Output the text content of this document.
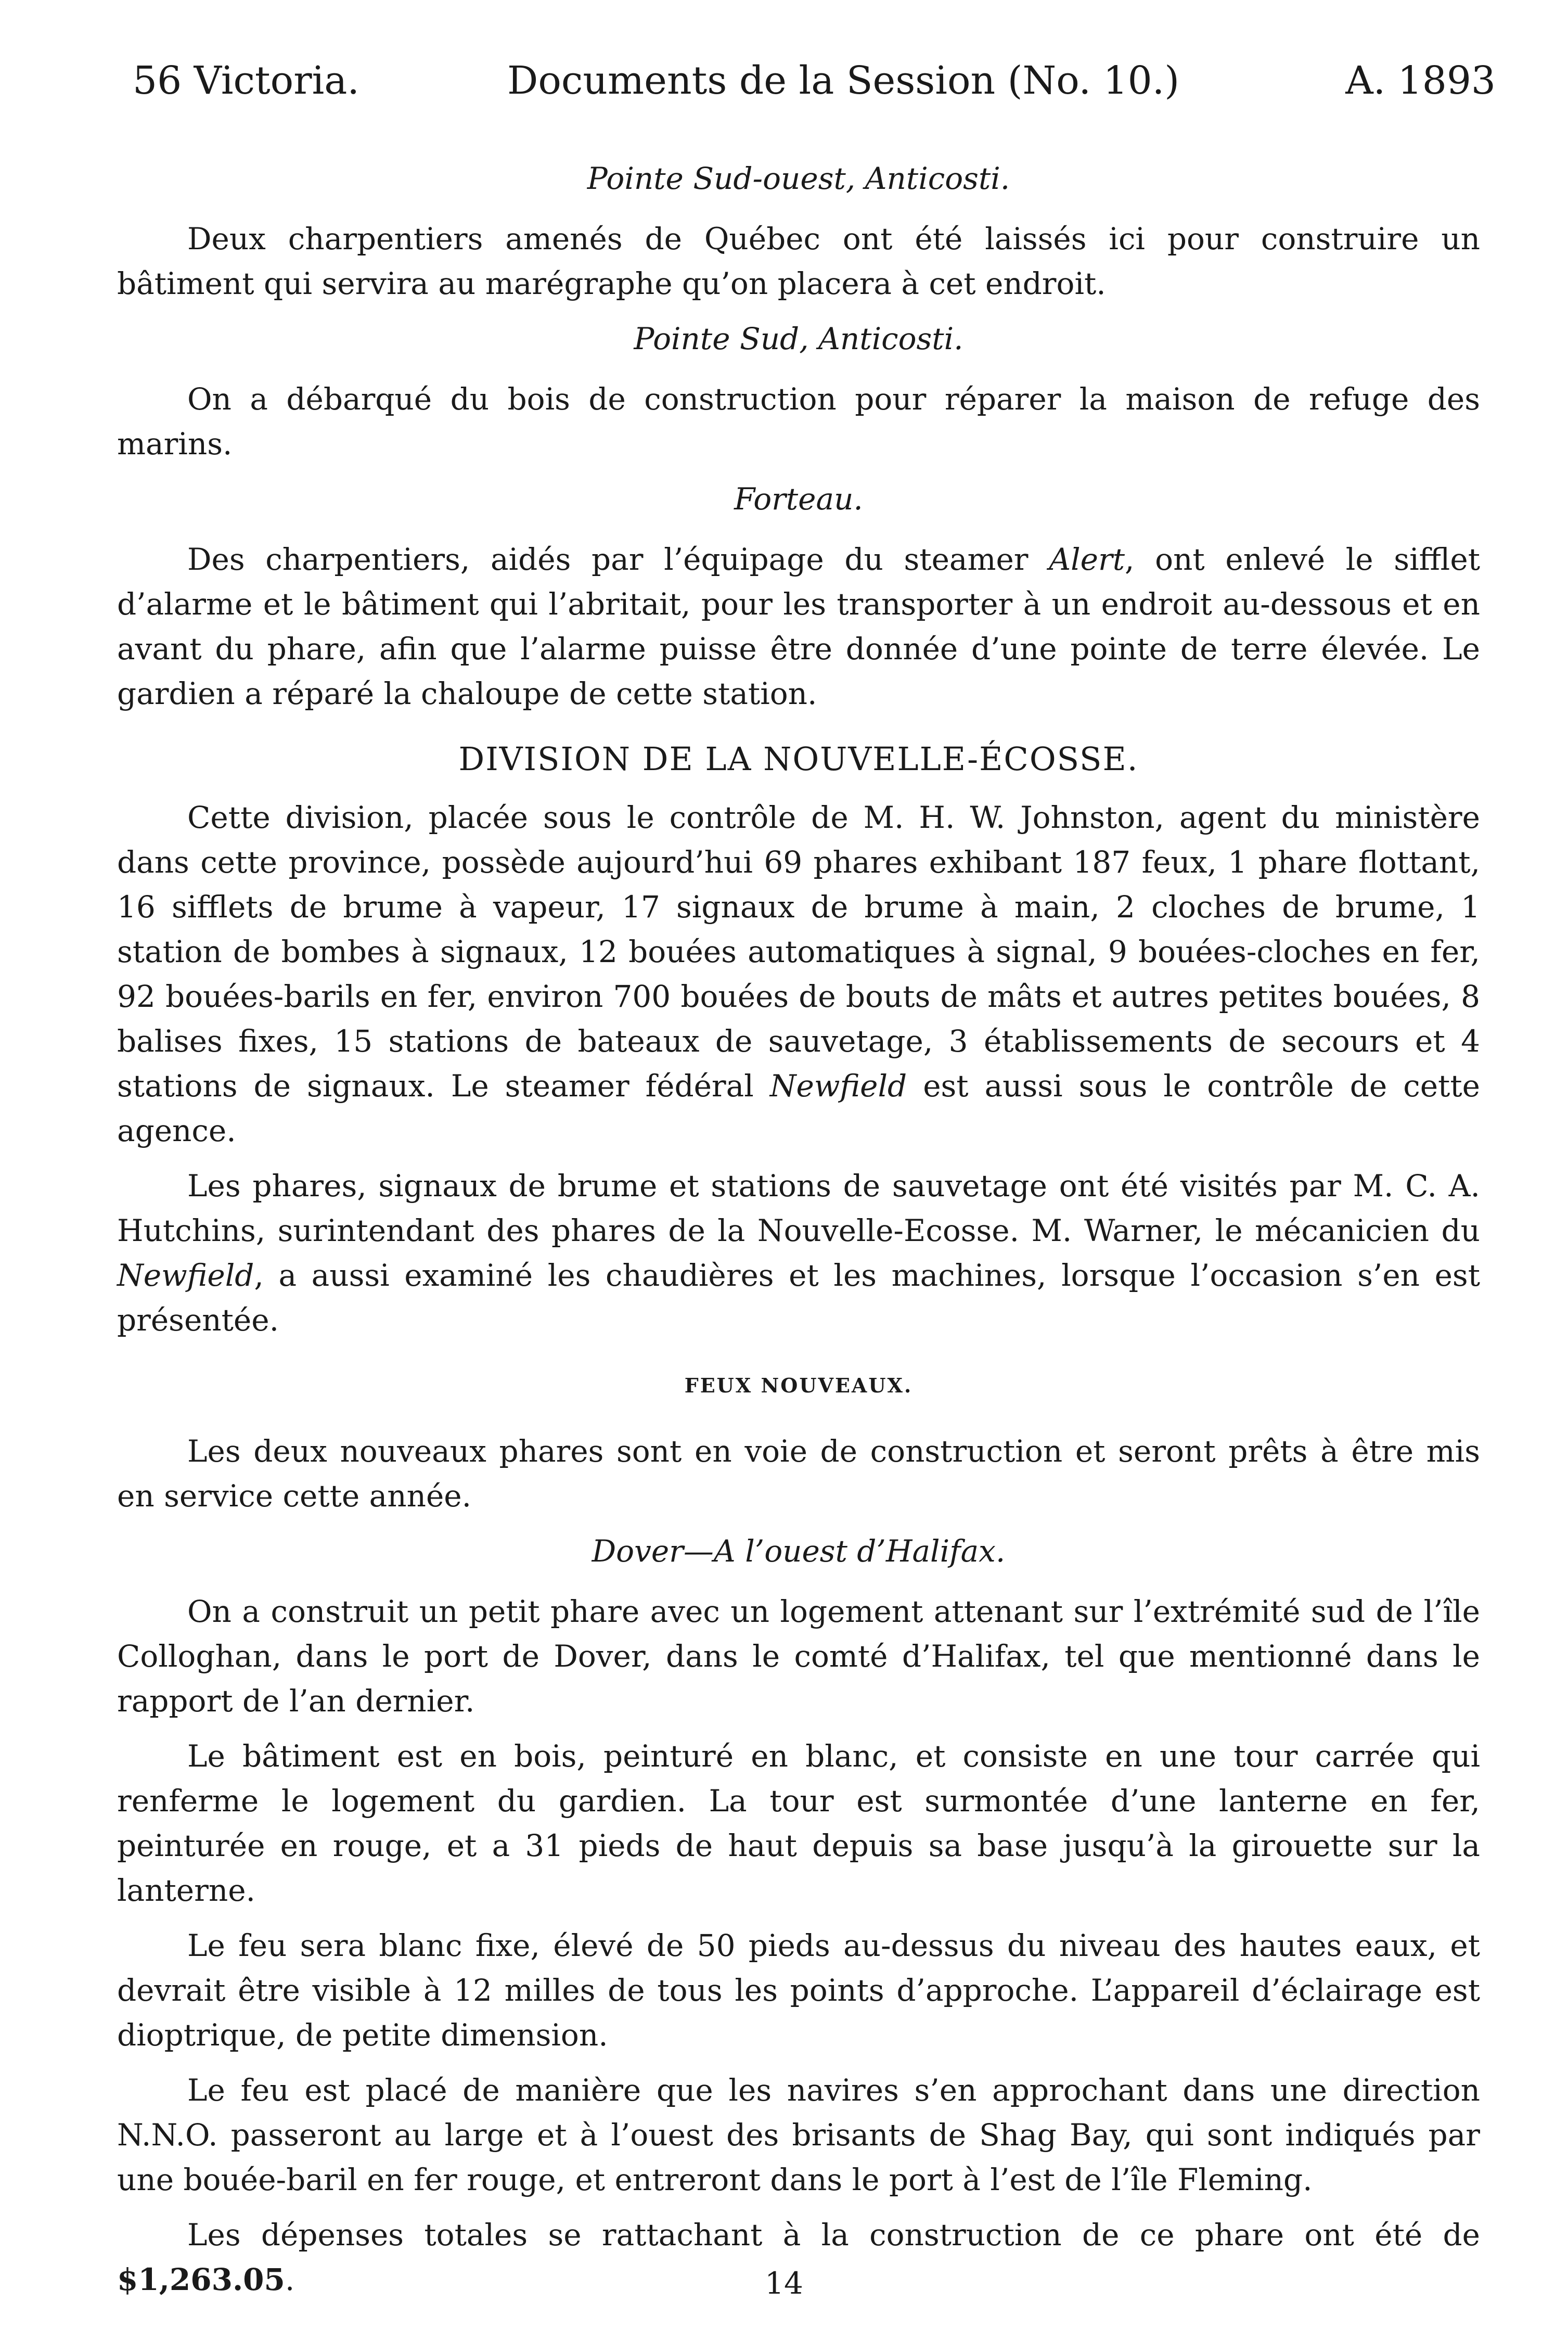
56 Victoria.	Documents de la Session (No. 10.)	A. 1893
Pointe Sud-ouest, Anticosti.

Deux charpentiers amenés de Québec ont été laissés ici pour construire un bâtiment qui servira au marégraphe qu’on placera à cet endroit.

Pointe Sud, Anticosti.

On a débarqué du bois de construction pour réparer la maison de refuge des marins.

Forteau.

Des charpentiers, aidés par l’équipage du steamer Alert, ont enlevé le sifflet d’alarme et le bâtiment qui l’abritait, pour les transporter à un endroit au-dessous et en avant du phare, afin que l’alarme puisse être donnée d’une pointe de terre élevée. Le gardien a réparé la chaloupe de cette station.

DIVISION DE LA NOUVELLE-ÉCOSSE.

Cette division, placée sous le contrôle de M. H. W. Johnston, agent du ministère dans cette province, possède aujourd’hui 69 phares exhibant 187 feux, 1 phare flottant, 16 sifflets de brume à vapeur, 17 signaux de brume à main, 2 cloches de brume, 1 station de bombes à signaux, 12 bouées automatiques à signal, 9 bouées-cloches en fer, 92 bouées-barils en fer, environ 700 bouées de bouts de mâts et autres petites bouées, 8 balises fixes, 15 stations de bateaux de sauvetage, 3 établissements de secours et 4 stations de signaux. Le steamer fédéral Newfield est aussi sous le contrôle de cette agence.

Les phares, signaux de brume et stations de sauvetage ont été visités par M. C. A. Hutchins, surintendant des phares de la Nouvelle-Ecosse. M. Warner, le mécanicien du Newfield, a aussi examiné les chaudières et les machines, lorsque l’occasion s’en est présentée.

FEUX NOUVEAUX.

Les deux nouveaux phares sont en voie de construction et seront prêts à être mis en service cette année.

Dover—A l’ouest d’Halifax.

On a construit un petit phare avec un logement attenant sur l’extrémité sud de l’île Colloghan, dans le port de Dover, dans le comté d’Halifax, tel que mentionné dans le rapport de l’an dernier.

Le bâtiment est en bois, peinturé en blanc, et consiste en une tour carrée qui renferme le logement du gardien. La tour est surmontée d’une lanterne en fer, peinturée en rouge, et a 31 pieds de haut depuis sa base jusqu’à la girouette sur la lanterne.

Le feu sera blanc fixe, élevé de 50 pieds au-dessus du niveau des hautes eaux, et devrait être visible à 12 milles de tous les points d’approche. L’appareil d’éclairage est dioptrique, de petite dimension.

Le feu est placé de manière que les navires s’en approchant dans une direction N.N.O. passeront au large et à l’ouest des brisants de Shag Bay, qui sont indiqués par une bouée-baril en fer rouge, et entreront dans le port à l’est de l’île Fleming.

Les dépenses totales se rattachant à la construction de ce phare ont été de $1,263.05.	14
